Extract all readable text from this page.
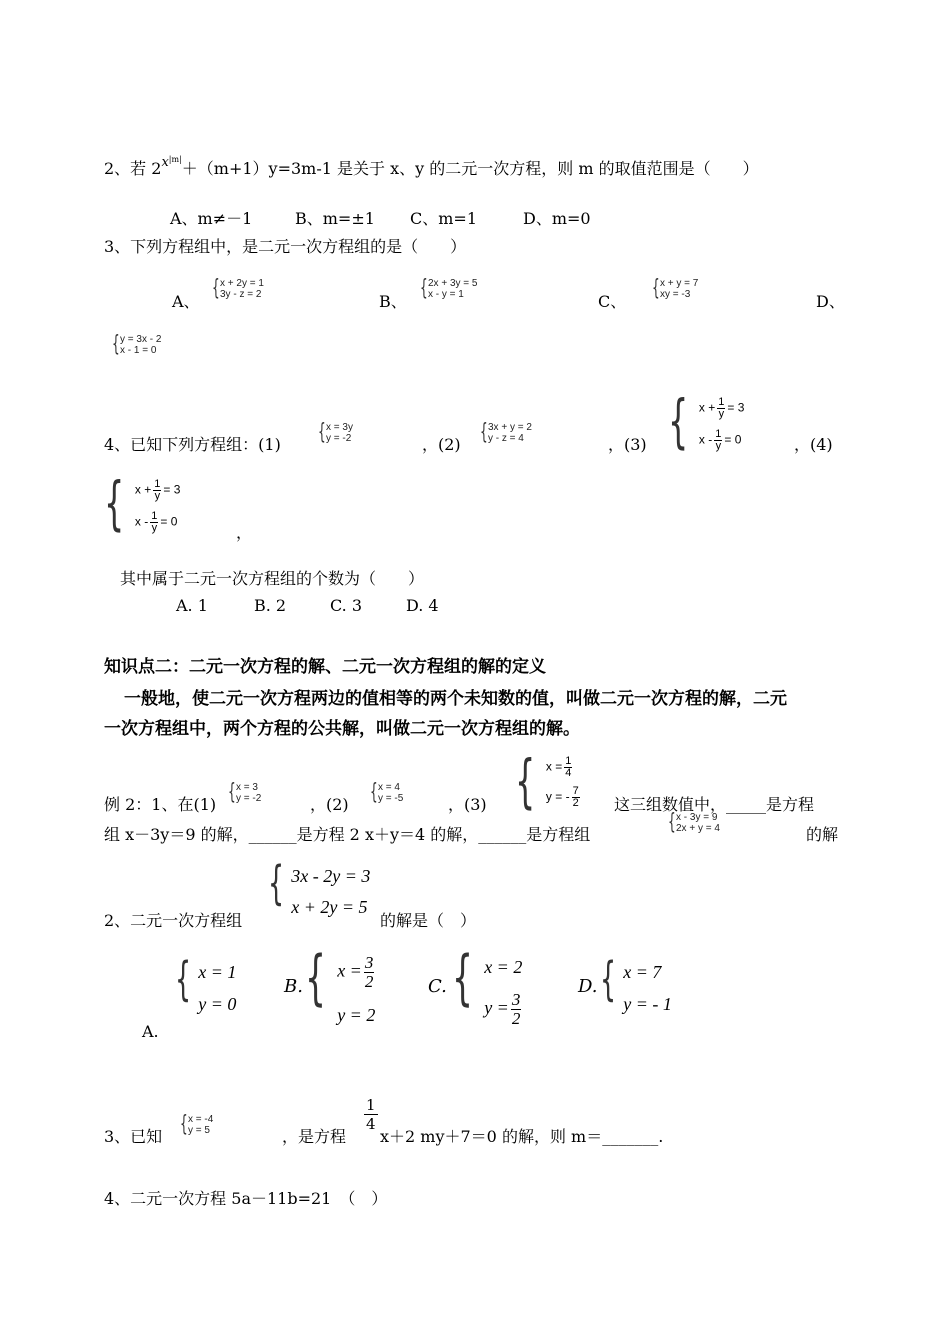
2、若 $2^{x|m|}+(m+1)y=3m-1$ 是关于 x、y 的二元一次方程，则 m 的取值范围是（　　）
A、m≠－1	B、m=±1 C、m=1	D、m=0
3、下列方程组中，是二元一次方程组的是（　　）
A、
{ x + 2y = 1
3y - z = 2	B、
{ 2x + 3y = 5
x - y = 1	C、
{ x + y = 7
xy = -3	D、
{ y = 3x - 2
x - 1 = 0
4、已知下列方程组：(1) { x = 3y
y = -2	，(2) { 3x + y = 2
y - z = 4	，(3) { $x + \frac{1}{y} = 3$
$x - \frac{1}{y} = 0$	，(4)
{ $x + \frac{1}{y} = 3$
$x - \frac{1}{y} = 0$
，
其中属于二元一次方程组的个数为（　　）
A. 1	B. 2	C. 3	D. 4
知识点二：二元一次方程的解、二元一次方程组的解的定义
一般地，使二元一次方程两边的值相等的两个未知数的值，叫做二元一次方程的解，二元
一次方程组中，两个方程的公共解，叫做二元一次方程组的解。
例 2：1、在(1) { x = 3
y = -2	，(2) { x = 4
y = -5	，(3) { $x = \frac{1}{4}$
y = - $\frac{7}{2}$ 这三组数值中，_____是方程
组 x－3y＝9 的解，______是方程 2 x＋y＝4 的解，______是方程组	{ x - 3y = 9
2x + y = 4	的解
{ 3x - 2y = 3
x + 2y = 5
2、二元一次方程组	的解是（　）
{ x = 1
y = 0
A.
B. { $x = \frac{3}{2}$
y = 2
C. { x = 2
$y = \frac{3}{2}$
D. { x = 7
y = - 1
3、已知 { x = -4
y = 5	，是方程
$\frac{1}{4}$
x＋2 my＋7＝0 的解，则 m＝_______.
4、二元一次方程 5a－11b=21　（　）
